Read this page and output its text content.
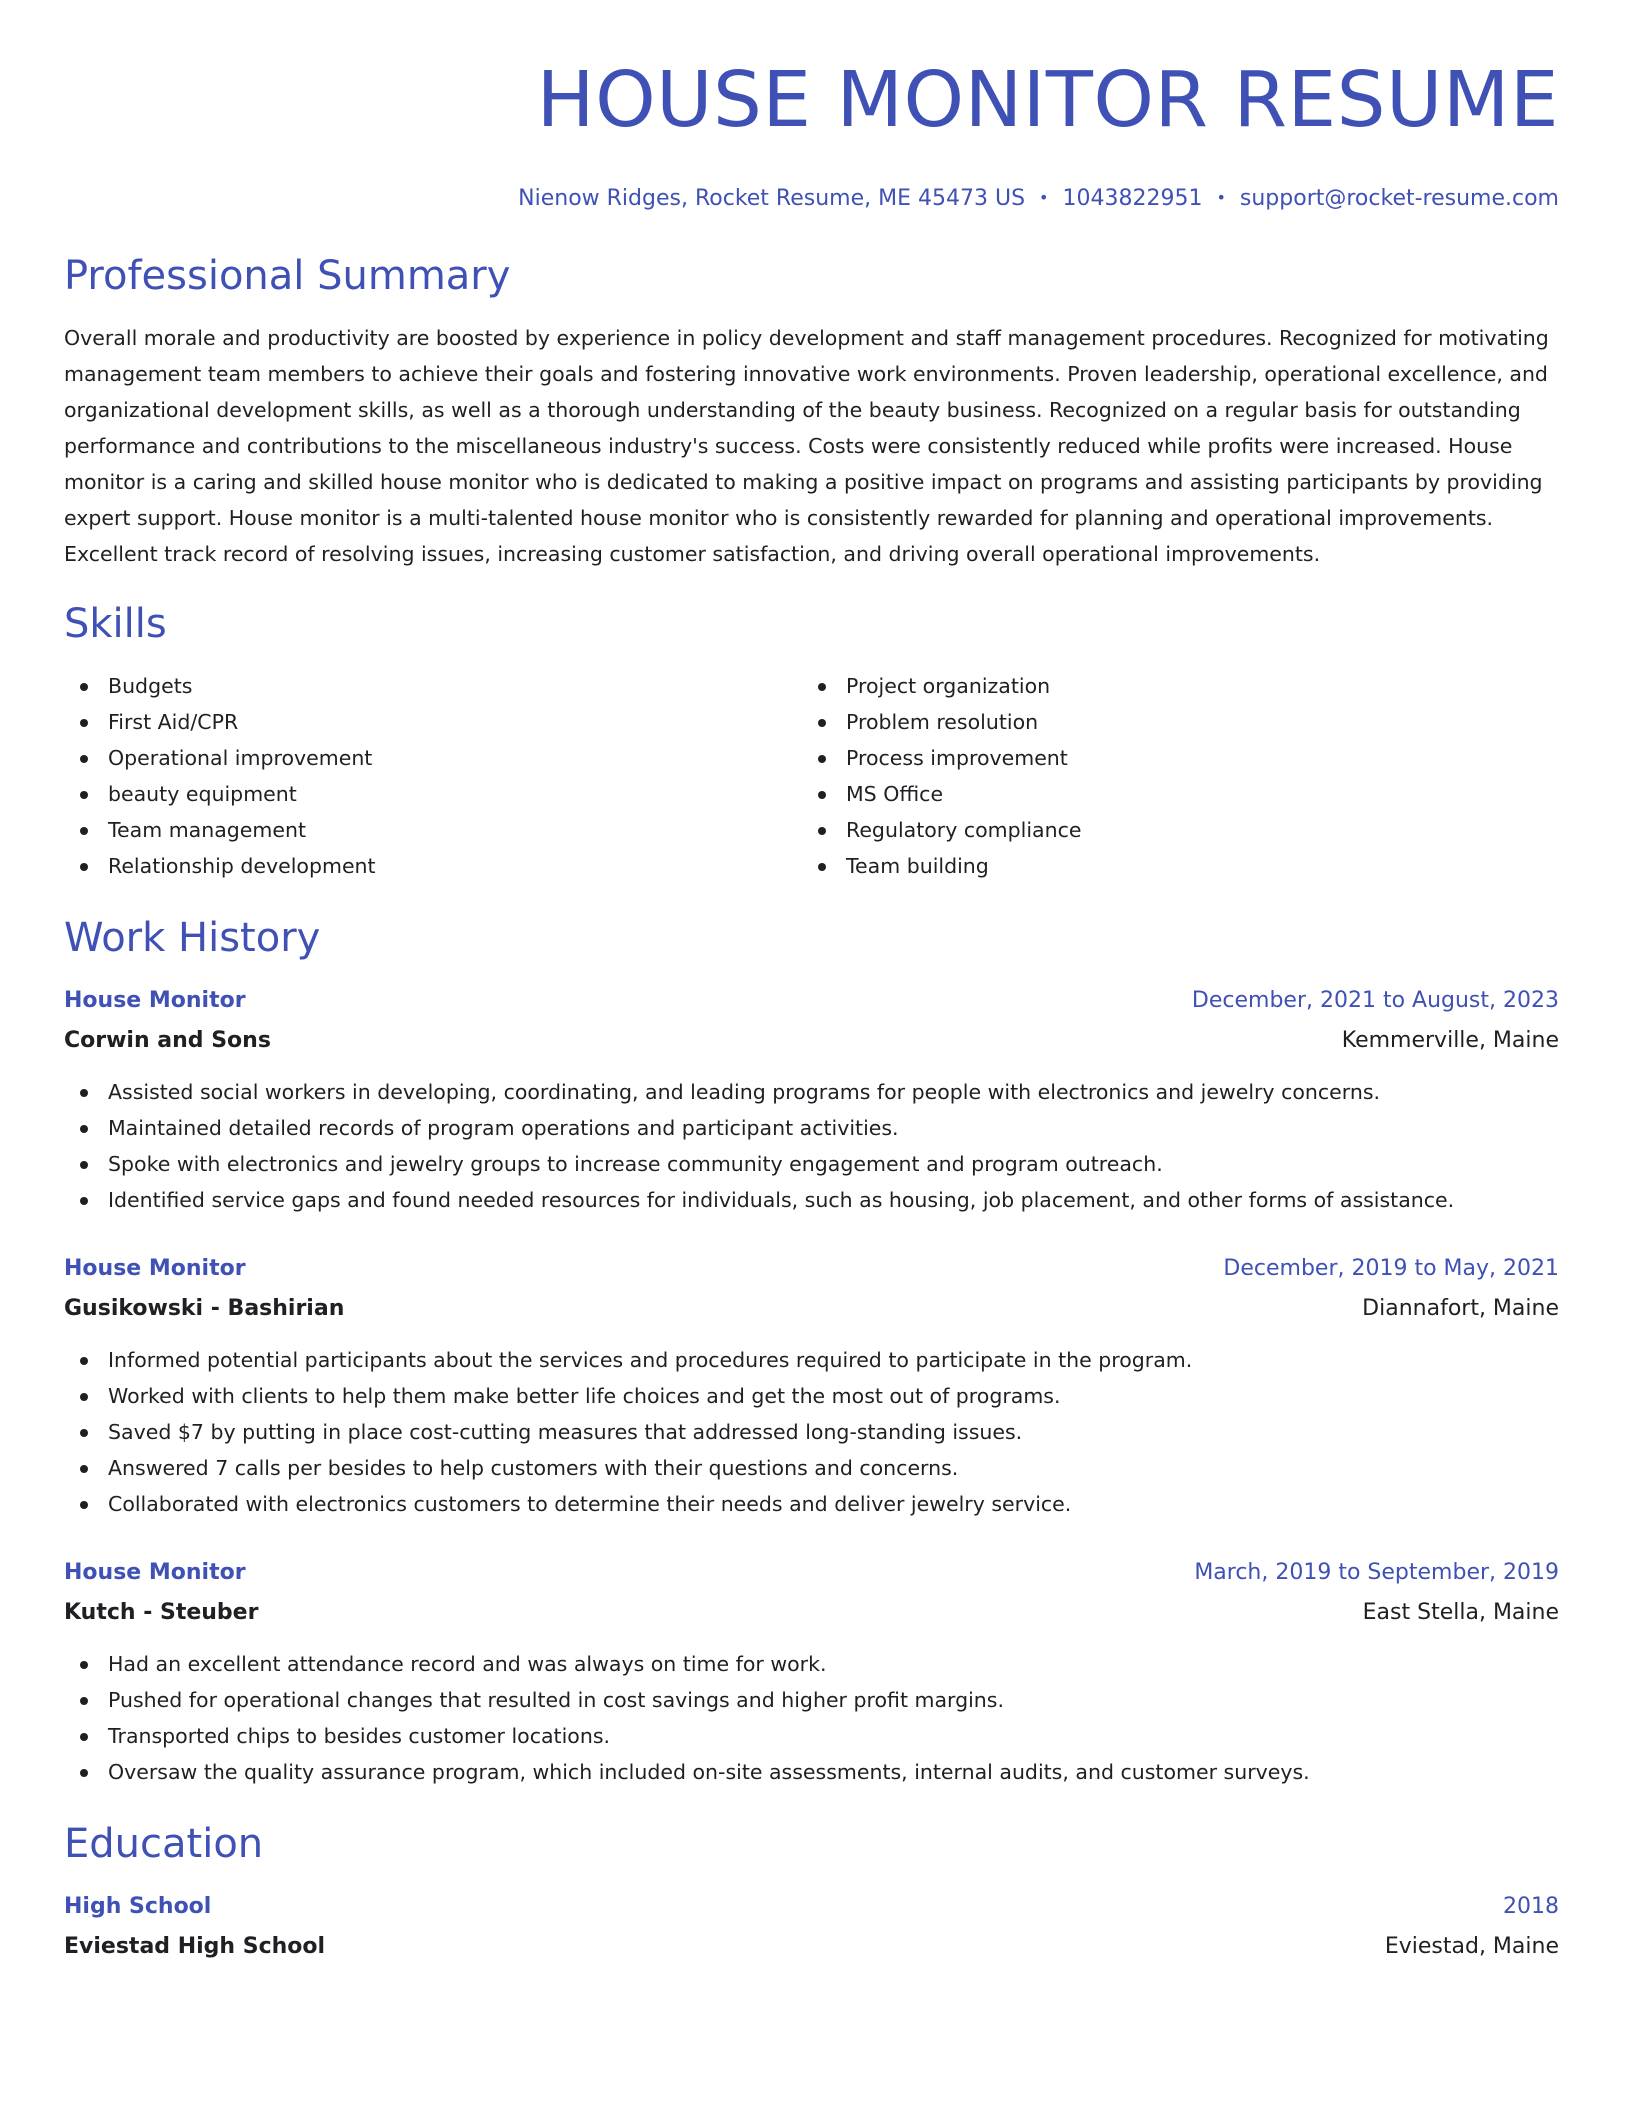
HOUSE MONITOR RESUME
Nienow Ridges, Rocket Resume, ME 45473 US • 1043822951 • support@rocket-resume.com
Professional Summary

Overall morale and productivity are boosted by experience in policy development and staff management procedures. Recognized for motivating management team members to achieve their goals and fostering innovative work environments. Proven leadership, operational excellence, and organizational development skills, as well as a thorough understanding of the beauty business. Recognized on a regular basis for outstanding performance and contributions to the miscellaneous industry's success. Costs were consistently reduced while profits were increased. House monitor is a caring and skilled house monitor who is dedicated to making a positive impact on programs and assisting participants by providing expert support. House monitor is a multi-talented house monitor who is consistently rewarded for planning and operational improvements. Excellent track record of resolving issues, increasing customer satisfaction, and driving overall operational improvements.

Skills
Budgets
First Aid/CPR
Operational improvement
beauty equipment
Team management
Relationship development
Project organization
Problem resolution
Process improvement
MS Office
Regulatory compliance
Team building
Work History
House Monitor	December, 2021 to August, 2023
Corwin and Sons	Kemmerville, Maine
Assisted social workers in developing, coordinating, and leading programs for people with electronics and jewelry concerns.
Maintained detailed records of program operations and participant activities.
Spoke with electronics and jewelry groups to increase community engagement and program outreach.
Identified service gaps and found needed resources for individuals, such as housing, job placement, and other forms of assistance.
House Monitor	December, 2019 to May, 2021
Gusikowski - Bashirian	Diannafort, Maine
Informed potential participants about the services and procedures required to participate in the program.
Worked with clients to help them make better life choices and get the most out of programs.
Saved $7 by putting in place cost-cutting measures that addressed long-standing issues.
Answered 7 calls per besides to help customers with their questions and concerns.
Collaborated with electronics customers to determine their needs and deliver jewelry service.
House Monitor	March, 2019 to September, 2019
Kutch - Steuber	East Stella, Maine
Had an excellent attendance record and was always on time for work.
Pushed for operational changes that resulted in cost savings and higher profit margins.
Transported chips to besides customer locations.
Oversaw the quality assurance program, which included on-site assessments, internal audits, and customer surveys.
Education
High School	2018
Eviestad High School	Eviestad, Maine
